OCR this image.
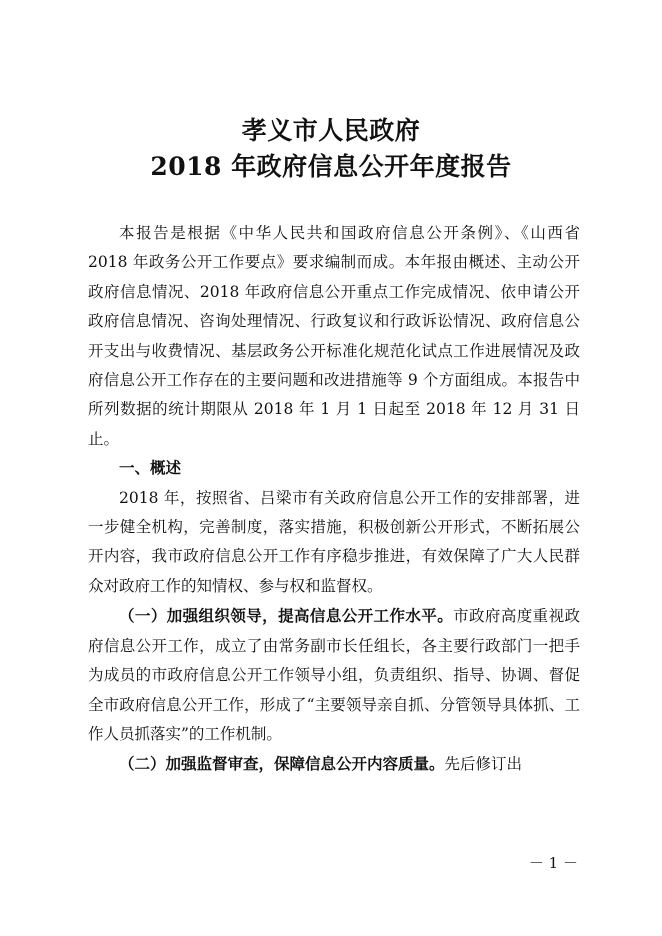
孝义市人民政府
2018 年政府信息公开年度报告

本报告是根据《中华人民共和国政府信息公开条例》、《山西省 2018 年政务公开工作要点》要求编制而成。本年报由概述、主动公开政府信息情况、2018 年政府信息公开重点工作完成情况、依申请公开政府信息情况、咨询处理情况、行政复议和行政诉讼情况、政府信息公开支出与收费情况、基层政务公开标准化规范化试点工作进展情况及政府信息公开工作存在的主要问题和改进措施等 9 个方面组成。本报告中所列数据的统计期限从 2018 年 1 月 1 日起至 2018 年 12 月 31 日止。

一、概述

2018 年，按照省、吕梁市有关政府信息公开工作的安排部署，进一步健全机构，完善制度，落实措施，积极创新公开形式，不断拓展公开内容，我市政府信息公开工作有序稳步推进，有效保障了广大人民群众对政府工作的知情权、参与权和监督权。

（一）加强组织领导，提高信息公开工作水平。市政府高度重视政府信息公开工作，成立了由常务副市长任组长，各主要行政部门一把手为成员的市政府信息公开工作领导小组，负责组织、指导、协调、督促全市政府信息公开工作，形成了“主要领导亲自抓、分管领导具体抓、工作人员抓落实”的工作机制。

（二）加强监督审查，保障信息公开内容质量。先后修订出

－ 1 －
